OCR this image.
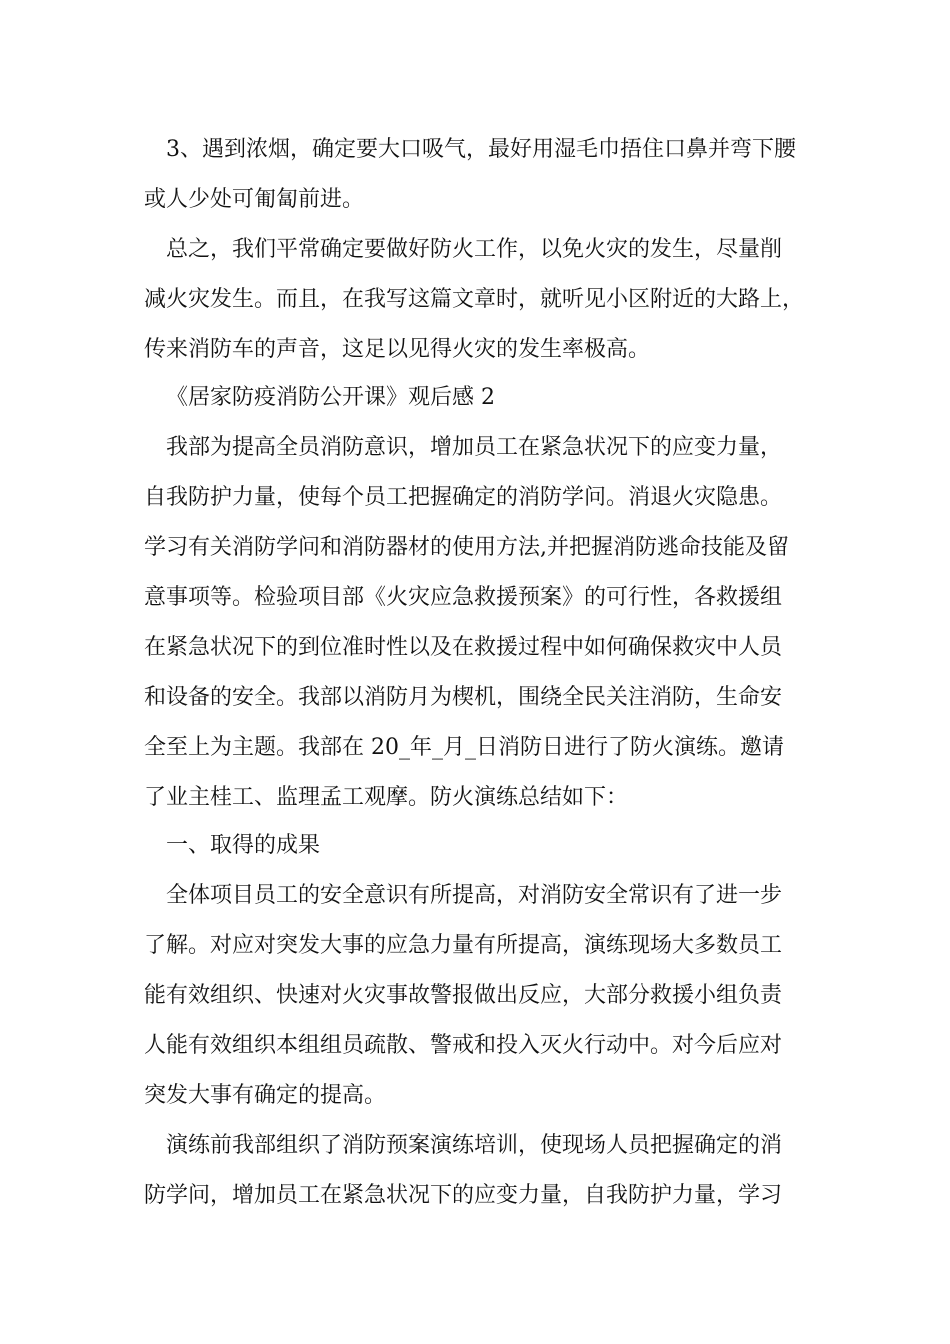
3、遇到浓烟，确定要大口吸气，最好用湿毛巾捂住口鼻并弯下腰
或人少处可匍匐前进。
总之，我们平常确定要做好防火工作，以免火灾的发生，尽量削
减火灾发生。而且，在我写这篇文章时，就听见小区附近的大路上，
传来消防车的声音，这足以见得火灾的发生率极高。
《居家防疫消防公开课》观后感 2
我部为提高全员消防意识，增加员工在紧急状况下的应变力量，
自我防护力量，使每个员工把握确定的消防学问。消退火灾隐患。
学习有关消防学问和消防器材的使用方法,并把握消防逃命技能及留
意事项等。检验项目部《火灾应急救援预案》的可行性，各救援组
在紧急状况下的到位准时性以及在救援过程中如何确保救灾中人员
和设备的安全。我部以消防月为楔机，围绕全民关注消防，生命安
全至上为主题。我部在 20_年_月_日消防日进行了防火演练。邀请
了业主桂工、监理孟工观摩。防火演练总结如下：
一、取得的成果
全体项目员工的安全意识有所提高，对消防安全常识有了进一步
了解。对应对突发大事的应急力量有所提高，演练现场大多数员工
能有效组织、快速对火灾事故警报做出反应，大部分救援小组负责
人能有效组织本组组员疏散、警戒和投入灭火行动中。对今后应对
突发大事有确定的提高。
演练前我部组织了消防预案演练培训，使现场人员把握确定的消
防学问，增加员工在紧急状况下的应变力量，自我防护力量，学习
